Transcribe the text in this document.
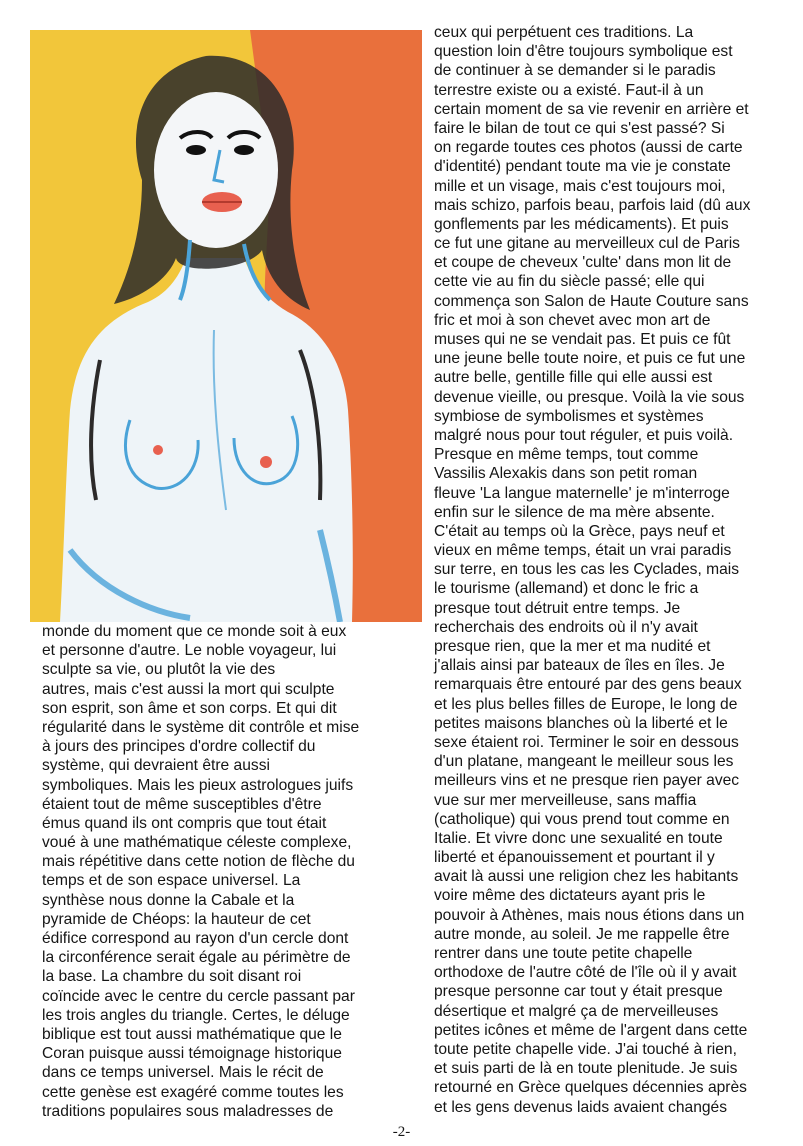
monde du moment que ce monde soit à eux
et personne d'autre. Le noble voyageur, lui
sculpte sa vie, ou plutôt la vie des
autres, mais c'est aussi la mort qui sculpte
son esprit, son âme et son corps. Et qui dit
régularité dans le système dit contrôle et mise
à jours des principes d'ordre collectif du
système, qui devraient être aussi
symboliques. Mais les pieux astrologues juifs
étaient tout de même susceptibles d'être
émus quand ils ont compris que tout était
voué à une mathématique céleste complexe,
mais répétitive dans cette notion de flèche du
temps et de son espace universel. La
synthèse nous donne la Cabale et la
pyramide de Chéops: la hauteur de cet
édifice correspond au rayon d'un cercle dont
la circonférence serait égale au périmètre de
la base. La chambre du soit disant roi
coïncide avec le centre du cercle passant par
les trois angles du triangle. Certes, le déluge
biblique est tout aussi mathématique que le
Coran puisque aussi témoignage historique
dans ce temps universel. Mais le récit de
cette genèse est exagéré comme toutes les
traditions populaires sous maladresses de
ceux qui perpétuent ces traditions. La
question loin d'être toujours symbolique est
de continuer à se demander si le paradis
terrestre existe ou a existé. Faut-il à un
certain moment de sa vie revenir en arrière et
faire le bilan de tout ce qui s'est passé? Si
on regarde toutes ces photos (aussi de carte
d'identité) pendant toute ma vie je constate
mille et un visage, mais c'est toujours moi,
mais schizo, parfois beau, parfois laid (dû aux
gonflements par les médicaments). Et puis
ce fut une gitane au merveilleux cul de Paris
et coupe de cheveux 'culte' dans mon lit de
cette vie au fin du siècle passé; elle qui
commença son Salon de Haute Couture sans
fric et moi à son chevet avec mon art de
muses qui ne se vendait pas. Et puis ce fût
une jeune belle toute noire, et puis ce fut une
autre belle, gentille fille qui elle aussi est
devenue vieille, ou presque. Voilà la vie sous
symbiose de symbolismes et systèmes
malgré nous pour tout réguler, et puis voilà.
Presque en même temps, tout comme
Vassilis Alexakis dans son petit roman
fleuve 'La langue maternelle' je m'interroge
enfin sur le silence de ma mère absente.
C'était au temps où la Grèce, pays neuf et
vieux en même temps, était un vrai paradis
sur terre, en tous les cas les Cyclades, mais
le tourisme (allemand) et donc le fric a
presque tout détruit entre temps. Je
recherchais des endroits où il n'y avait
presque rien, que la mer et ma nudité et
j'allais ainsi par bateaux de îles en îles. Je
remarquais être entouré par des gens beaux
et les plus belles filles de Europe, le long de
petites maisons blanches où la liberté et le
sexe étaient roi. Terminer le soir en dessous
d'un platane, mangeant le meilleur sous les
meilleurs vins et ne presque rien payer avec
vue sur mer merveilleuse, sans maffia
(catholique) qui vous prend tout comme en
Italie. Et vivre donc une sexualité en toute
liberté et épanouissement et pourtant il y
avait là aussi une religion chez les habitants
voire même des dictateurs ayant pris le
pouvoir à Athènes, mais nous étions dans un
autre monde, au soleil. Je me rappelle être
rentrer dans une toute petite chapelle
orthodoxe de l'autre côté de l'île où il y avait
presque personne car tout y était presque
désertique et malgré ça de merveilleuses
petites icônes et même de l'argent dans cette
toute petite chapelle vide. J'ai touché à rien,
et suis parti de là en toute plenitude. Je suis
retourné en Grèce quelques décennies après
et les gens devenus laids avaient changés
-2-
